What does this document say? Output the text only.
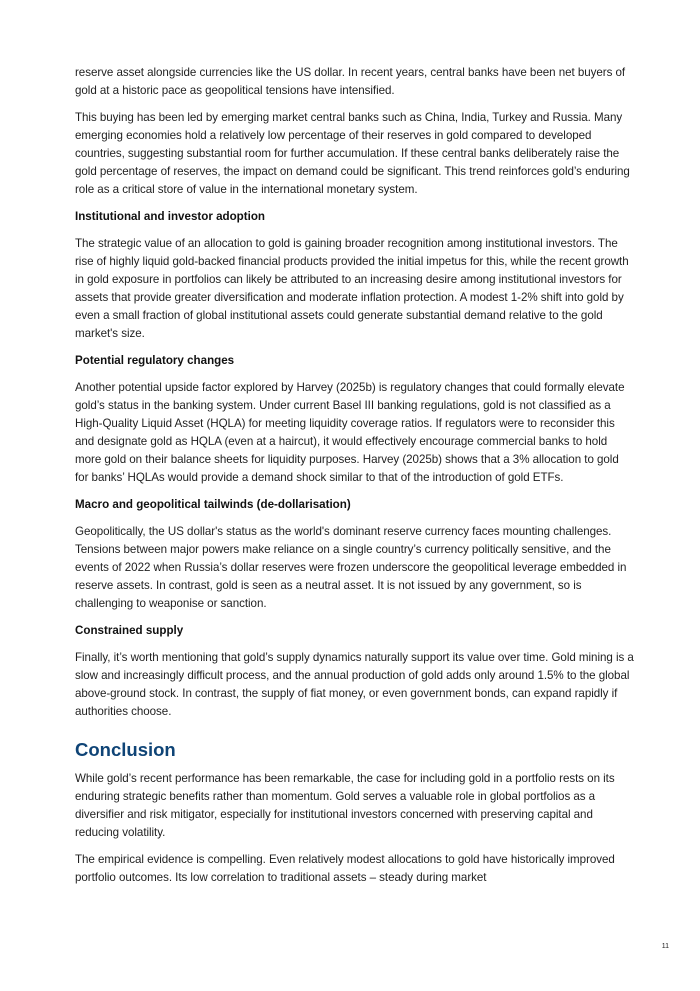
reserve asset alongside currencies like the US dollar. In recent years, central banks have been net buyers of gold at a historic pace as geopolitical tensions have intensified.

This buying has been led by emerging market central banks such as China, India, Turkey and Russia. Many emerging economies hold a relatively low percentage of their reserves in gold compared to developed countries, suggesting substantial room for further accumulation. If these central banks deliberately raise the gold percentage of reserves, the impact on demand could be significant. This trend reinforces gold’s enduring role as a critical store of value in the international monetary system.

Institutional and investor adoption

The strategic value of an allocation to gold is gaining broader recognition among institutional investors. The rise of highly liquid gold-backed financial products provided the initial impetus for this, while the recent growth in gold exposure in portfolios can likely be attributed to an increasing desire among institutional investors for assets that provide greater diversification and moderate inflation protection. A modest 1-2% shift into gold by even a small fraction of global institutional assets could generate substantial demand relative to the gold market's size.

Potential regulatory changes

Another potential upside factor explored by Harvey (2025b) is regulatory changes that could formally elevate gold’s status in the banking system. Under current Basel III banking regulations, gold is not classified as a High-Quality Liquid Asset (HQLA) for meeting liquidity coverage ratios. If regulators were to reconsider this and designate gold as HQLA (even at a haircut), it would effectively encourage commercial banks to hold more gold on their balance sheets for liquidity purposes. Harvey (2025b) shows that a 3% allocation to gold for banks’ HQLAs would provide a demand shock similar to that of the introduction of gold ETFs.

Macro and geopolitical tailwinds (de-dollarisation)

Geopolitically, the US dollar's status as the world's dominant reserve currency faces mounting challenges. Tensions between major powers make reliance on a single country’s currency politically sensitive, and the events of 2022 when Russia’s dollar reserves were frozen underscore the geopolitical leverage embedded in reserve assets. In contrast, gold is seen as a neutral asset. It is not issued by any government, so is challenging to weaponise or sanction.

Constrained supply

Finally, it’s worth mentioning that gold’s supply dynamics naturally support its value over time. Gold mining is a slow and increasingly difficult process, and the annual production of gold adds only around 1.5% to the global above-ground stock. In contrast, the supply of fiat money, or even government bonds, can expand rapidly if authorities choose.

Conclusion

While gold’s recent performance has been remarkable, the case for including gold in a portfolio rests on its enduring strategic benefits rather than momentum. Gold serves a valuable role in global portfolios as a diversifier and risk mitigator, especially for institutional investors concerned with preserving capital and reducing volatility.

The empirical evidence is compelling. Even relatively modest allocations to gold have historically improved portfolio outcomes. Its low correlation to traditional assets – steady during market

11
